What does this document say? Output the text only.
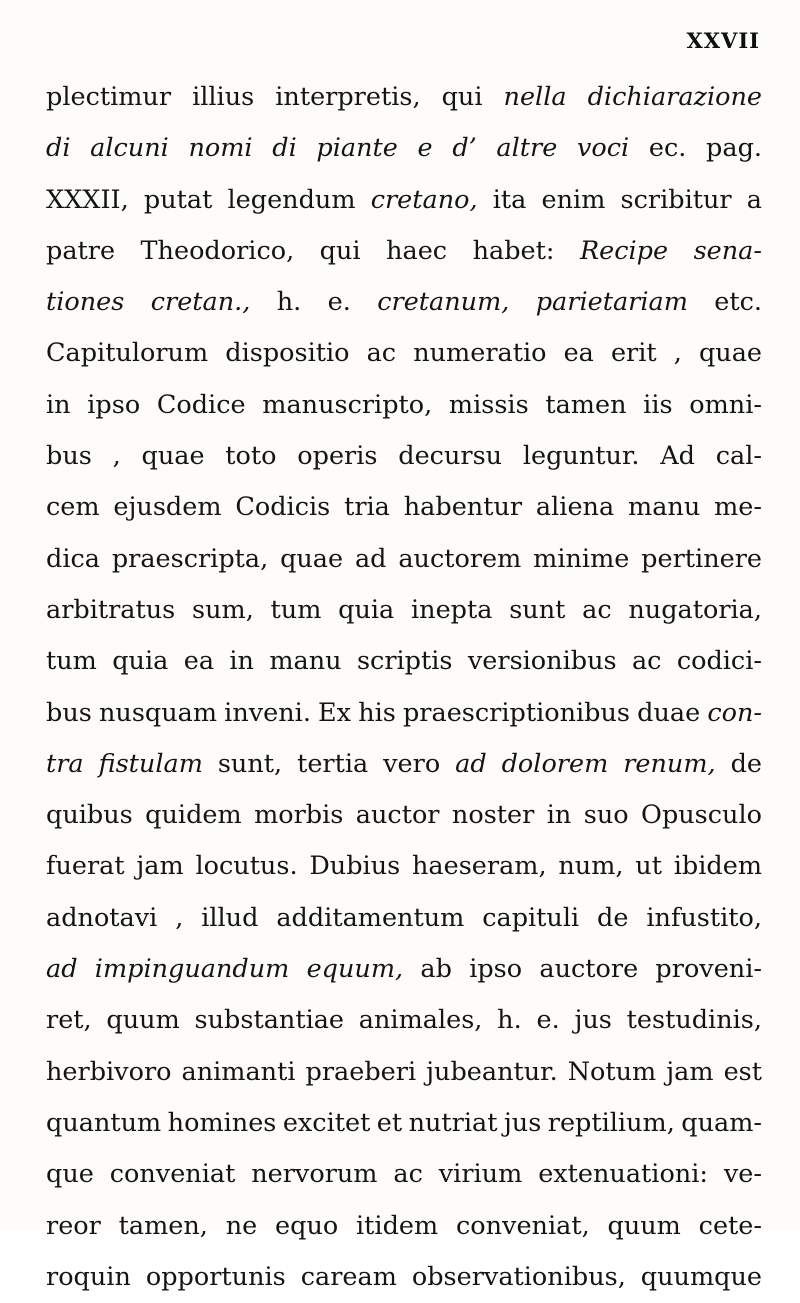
XXVII
plectimur illius interpretis, qui nella dichiarazione
di alcuni nomi di piante e d’ altre voci ec. pag.
XXXII, putat legendum cretano, ita enim scribitur a
patre Theodorico, qui haec habet: Recipe sena-
tiones cretan., h. e. cretanum, parietariam etc.
Capitulorum dispositio ac numeratio ea erit , quae
in ipso Codice manuscripto, missis tamen iis omni-
bus , quae toto operis decursu leguntur. Ad cal-
cem ejusdem Codicis tria habentur aliena manu me-
dica praescripta, quae ad auctorem minime pertinere
arbitratus sum, tum quia inepta sunt ac nugatoria,
tum quia ea in manu scriptis versionibus ac codici-
bus nusquam inveni. Ex his praescriptionibus duae con-
tra fistulam sunt, tertia vero ad dolorem renum, de
quibus quidem morbis auctor noster in suo Opusculo
fuerat jam locutus. Dubius haeseram, num, ut ibidem
adnotavi , illud additamentum capituli de infustito,
ad impinguandum equum, ab ipso auctore proveni-
ret, quum substantiae animales, h. e. jus testudinis,
herbivoro animanti praeberi jubeantur. Notum jam est
quantum homines excitet et nutriat jus reptilium, quam-
que conveniat nervorum ac virium extenuationi: ve-
reor tamen, ne equo itidem conveniat, quum cete-
roquin opportunis caream observationibus, quumque
